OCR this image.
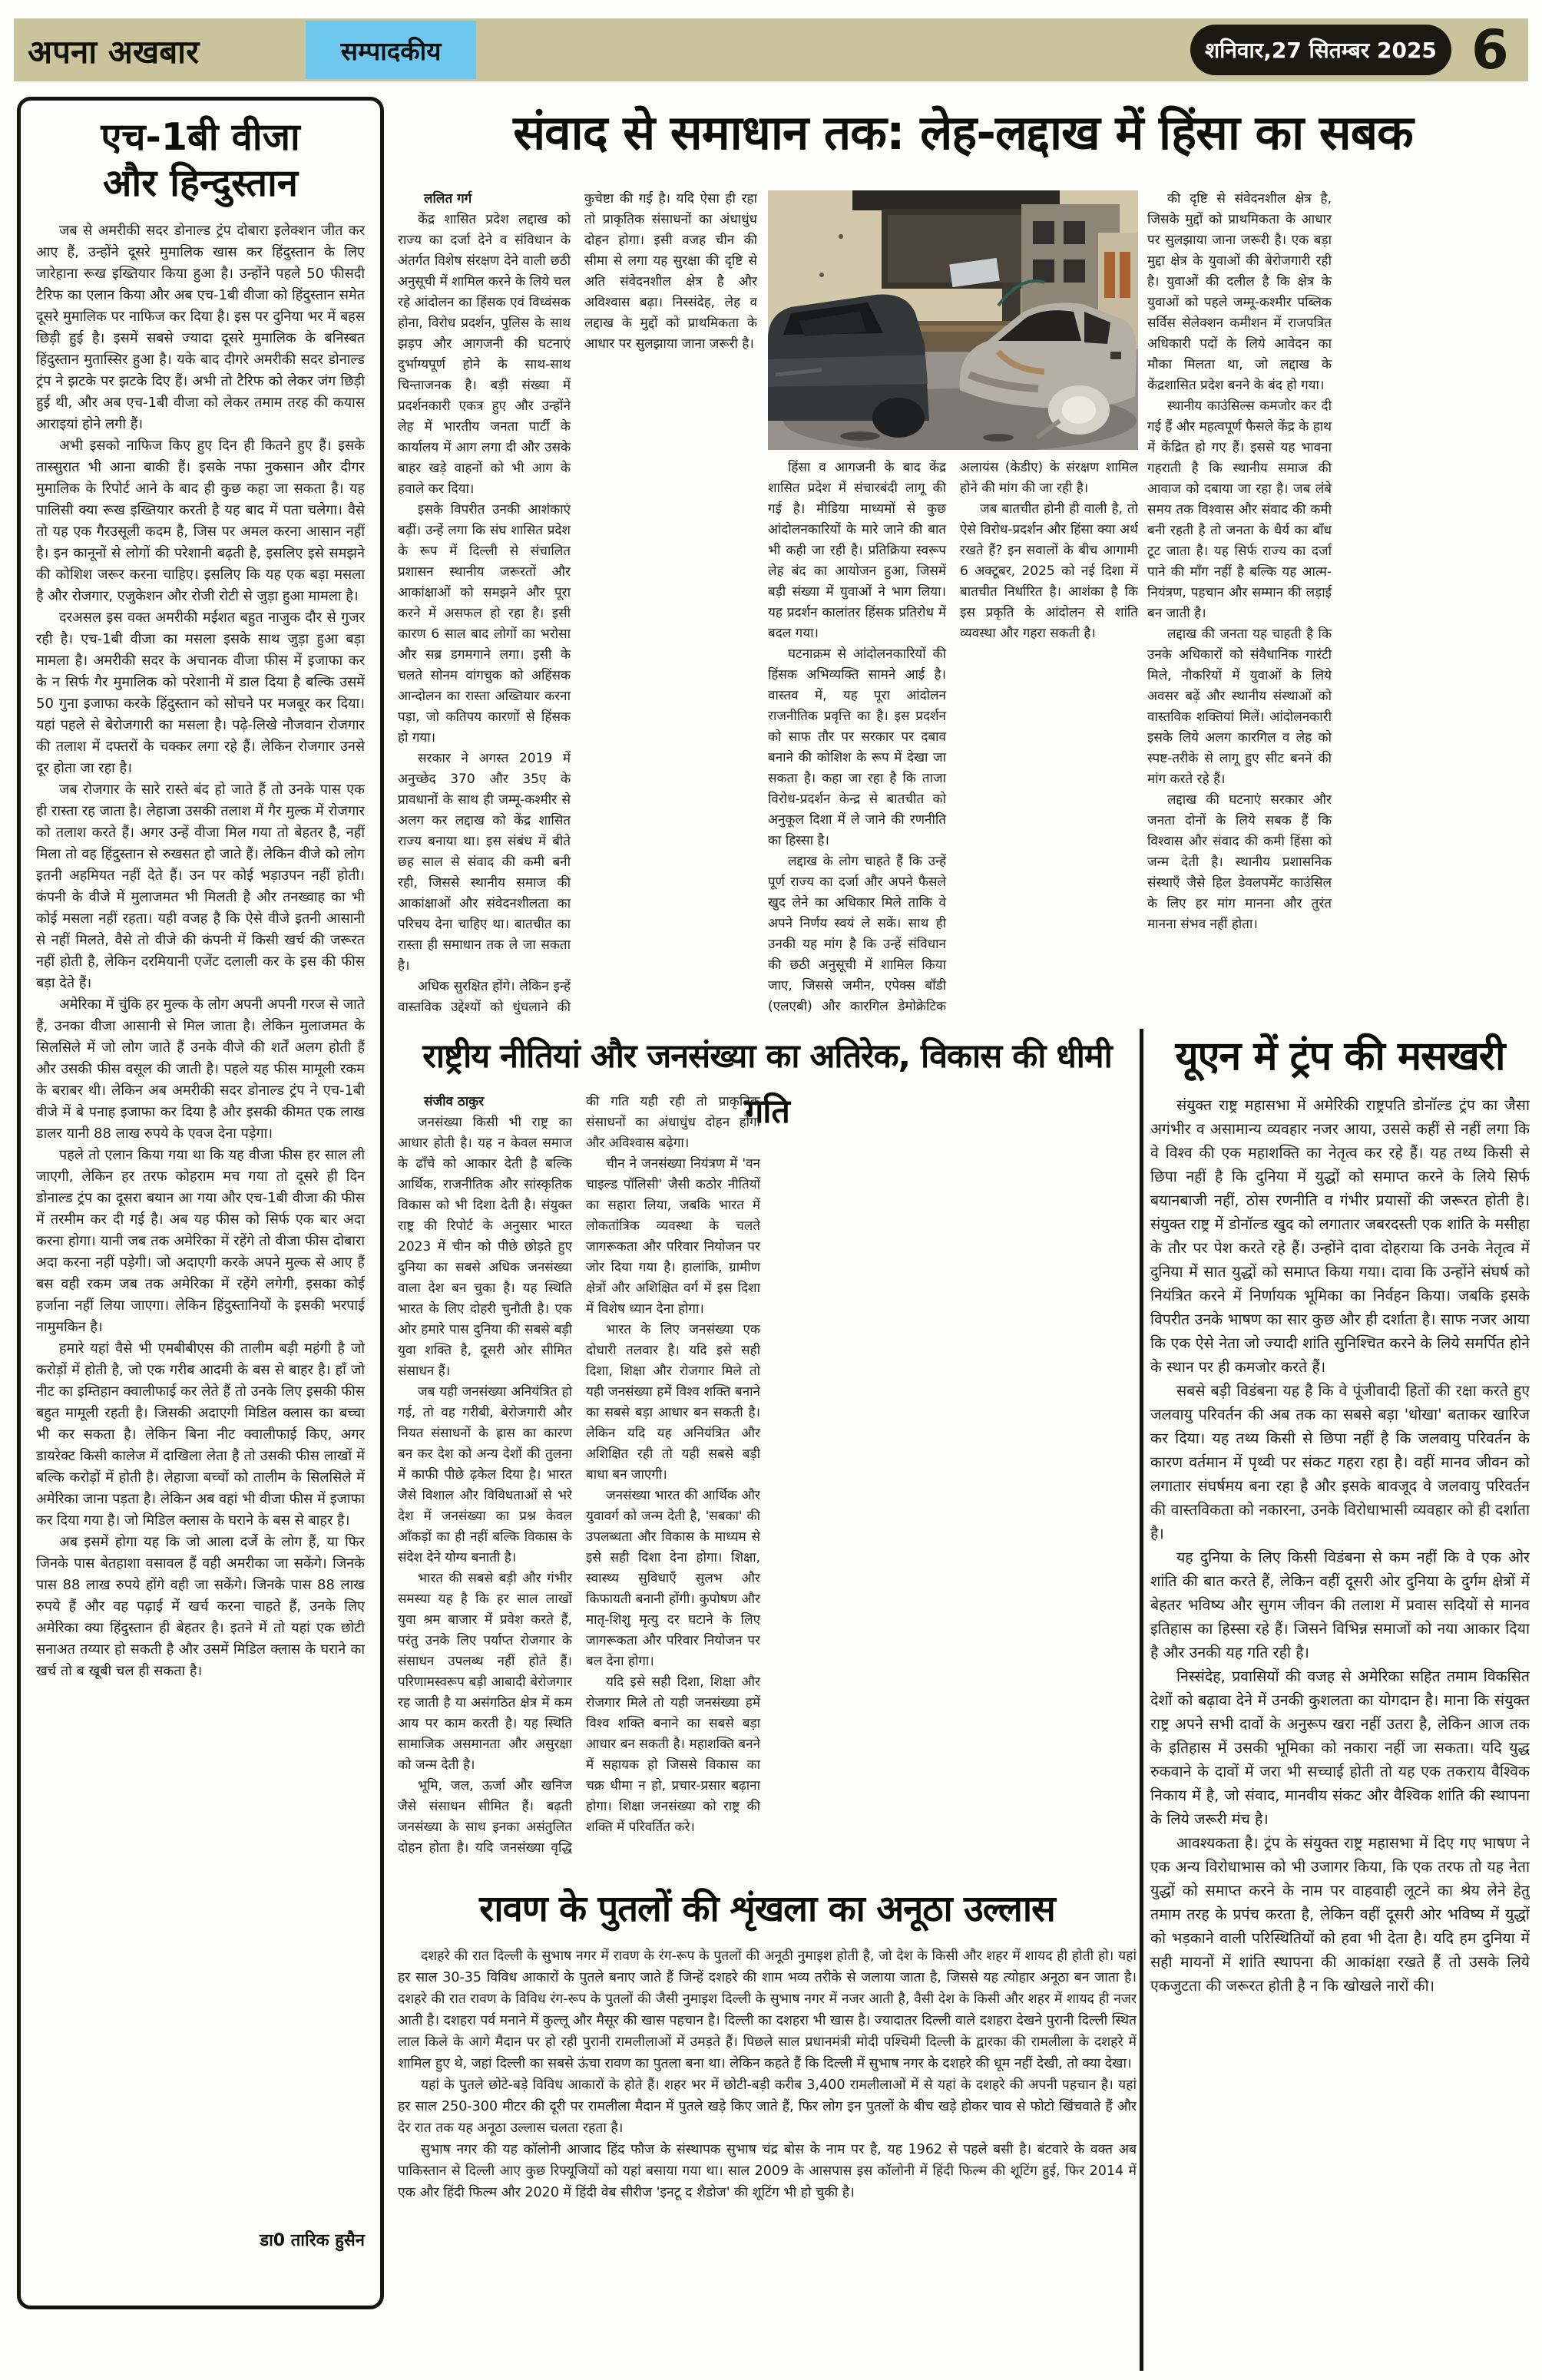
अपना अखबार	सम्पादकीय	शनिवार,27 सितम्बर 2025 6
एच-1बी वीजा
और हिन्दुस्तान

जब से अमरीकी सदर डोनाल्ड ट्रंप दोबारा इलेक्शन जीत कर आए हैं, उन्होंने दूसरे मुमालिक खास कर हिंदुस्तान के लिए जारेहाना रूख इख्तियार किया हुआ है। उन्होंने पहले 50 फीसदी टैरिफ का एलान किया और अब एच-1बी वीजा को हिंदुस्तान समेत दूसरे मुमालिक पर नाफिज कर दिया है। इस पर दुनिया भर में बहस छिड़ी हुई है। इसमें सबसे ज्यादा दूसरे मुमालिक के बनिस्बत हिंदुस्तान मुतास्सिर हुआ है। यके बाद दीगरे अमरीकी सदर डोनाल्ड ट्रंप ने झटके पर झटके दिए हैं। अभी तो टैरिफ को लेकर जंग छिड़ी हुई थी, और अब एच-1बी वीजा को लेकर तमाम तरह की कयास आराइयां होने लगी हैं।

अभी इसको नाफिज किए हुए दिन ही कितने हुए हैं। इसके तास्सुरात भी आना बाकी हैं। इसके नफा नुकसान और दीगर मुमालिक के रिपोर्ट आने के बाद ही कुछ कहा जा सकता है। यह पालिसी क्या रूख इख्तियार करती है यह बाद में पता चलेगा। वैसे तो यह एक गैरउसूली कदम है, जिस पर अमल करना आसान नहीं है। इन कानूनों से लोगों की परेशानी बढ़ती है, इसलिए इसे समझने की कोशिश जरूर करना चाहिए। इसलिए कि यह एक बड़ा मसला है और रोजगार, एजुकेशन और रोजी रोटी से जुड़ा हुआ मामला है।

दरअसल इस वक्त अमरीकी मईशत बहुत नाजुक दौर से गुजर रही है। एच-1बी वीजा का मसला इसके साथ जुड़ा हुआ बड़ा मामला है। अमरीकी सदर के अचानक वीजा फीस में इजाफा कर के न सिर्फ गैर मुमालिक को परेशानी में डाल दिया है बल्कि उसमें 50 गुना इजाफा करके हिंदुस्तान को सोचने पर मजबूर कर दिया। यहां पहले से बेरोजगारी का मसला है। पढ़े-लिखे नौजवान रोजगार की तलाश में दफ्तरों के चक्कर लगा रहे हैं। लेकिन रोजगार उनसे दूर होता जा रहा है।

जब रोजगार के सारे रास्ते बंद हो जाते हैं तो उनके पास एक ही रास्ता रह जाता है। लेहाजा उसकी तलाश में गैर मुल्क में रोजगार को तलाश करते हैं। अगर उन्हें वीजा मिल गया तो बेहतर है, नहीं मिला तो वह हिंदुस्तान से रुखसत हो जाते हैं। लेकिन वीजे को लोग इतनी अहमियत नहीं देते हैं। उन पर कोई भड़ाउपन नहीं होती। कंपनी के वीजे में मुलाजमत भी मिलती है और तनख्वाह का भी कोई मसला नहीं रहता। यही वजह है कि ऐसे वीजे इतनी आसानी से नहीं मिलते, वैसे तो वीजे की कंपनी में किसी खर्च की जरूरत नहीं होती है, लेकिन दरमियानी एजेंट दलाली कर के इस की फीस बड़ा देते हैं।

अमेरिका में चुंकि हर मुल्क के लोग अपनी अपनी गरज से जाते हैं, उनका वीजा आसानी से मिल जाता है। लेकिन मुलाजमत के सिलसिले में जो लोग जाते हैं उनके वीजे की शर्तें अलग होती हैं और उसकी फीस वसूल की जाती है। पहले यह फीस मामूली रकम के बराबर थी। लेकिन अब अमरीकी सदर डोनाल्ड ट्रंप ने एच-1बी वीजे में बे पनाह इजाफा कर दिया है और इसकी कीमत एक लाख डालर यानी 88 लाख रुपये के एवज देना पड़ेगा।

पहले तो एलान किया गया था कि यह वीजा फीस हर साल ली जाएगी, लेकिन हर तरफ कोहराम मच गया तो दूसरे ही दिन डोनाल्ड ट्रंप का दूसरा बयान आ गया और एच-1बी वीजा की फीस में तरमीम कर दी गई है। अब यह फीस को सिर्फ एक बार अदा करना होगा। यानी जब तक अमेरिका में रहेंगे तो वीजा फीस दोबारा अदा करना नहीं पड़ेगी। जो अदाएगी करके अपने मुल्क से आए हैं बस वही रकम जब तक अमेरिका में रहेंगे लगेगी, इसका कोई हर्जाना नहीं लिया जाएगा। लेकिन हिंदुस्तानियों के इसकी भरपाई नामुमकिन है।

हमारे यहां वैसे भी एमबीबीएस की तालीम बड़ी महंगी है जो करोड़ों में होती है, जो एक गरीब आदमी के बस से बाहर है। हाँ जो नीट का इम्तिहान क्वालीफाई कर लेते हैं तो उनके लिए इसकी फीस बहुत मामूली रहती है। जिसकी अदाएगी मिडिल क्लास का बच्चा भी कर सकता है। लेकिन बिना नीट क्वालीफाई किए, अगर डायरेक्ट किसी कालेज में दाखिला लेता है तो उसकी फीस लाखों में बल्कि करोड़ों में होती है। लेहाजा बच्चों को तालीम के सिलसिले में अमेरिका जाना पड़ता है। लेकिन अब वहां भी वीजा फीस में इजाफा कर दिया गया है। जो मिडिल क्लास के घराने के बस से बाहर है।

अब इसमें होगा यह कि जो आला दर्जे के लोग हैं, या फिर जिनके पास बेतहाशा वसावल हैं वही अमरीका जा सकेंगे। जिनके पास 88 लाख रुपये होंगे वही जा सकेंगे। जिनके पास 88 लाख रुपये हैं और वह पढ़ाई में खर्च करना चाहते हैं, उनके लिए अमेरिका क्या हिंदुस्तान ही बेहतर है। इतने में तो यहां एक छोटी सनाअत तय्यार हो सकती है और उसमें मिडिल क्लास के घराने का खर्च तो ब खूबी चल ही सकता है।

डा0 तारिक हुसैन
संवाद से समाधान तक: लेह-लद्दाख में हिंसा का सबक

ललित गर्ग

केंद्र शासित प्रदेश लद्दाख को राज्य का दर्जा देने व संविधान के अंतर्गत विशेष संरक्षण देने वाली छठी अनुसूची में शामिल करने के लिये चल रहे आंदोलन का हिंसक एवं विध्वंसक होना, विरोध प्रदर्शन, पुलिस के साथ झड़प और आगजनी की घटनाएं दुर्भाग्यपूर्ण होने के साथ-साथ चिन्ताजनक है। बड़ी संख्या में प्रदर्शनकारी एकत्र हुए और उन्होंने लेह में भारतीय जनता पार्टी के कार्यालय में आग लगा दी और उसके बाहर खड़े वाहनों को भी आग के हवाले कर दिया।

इसके विपरीत उनकी आशंकाएं बढ़ीं। उन्हें लगा कि संघ शासित प्रदेश के रूप में दिल्ली से संचालित प्रशासन स्थानीय जरूरतों और आकांक्षाओं को समझने और पूरा करने में असफल हो रहा है। इसी कारण 6 साल बाद लोगों का भरोसा और सब्र डगमगाने लगा। इसी के चलते सोनम वांगचुक को अहिंसक आन्दोलन का रास्ता अख्तियार करना पड़ा, जो कतिपय कारणों से हिंसक हो गया।

सरकार ने अगस्त 2019 में अनुच्छेद 370 और 35ए के प्रावधानों के साथ ही जम्मू-कश्मीर से अलग कर लद्दाख को केंद्र शासित राज्य बनाया था। इस संबंध में बीते छह साल से संवाद की कमी बनी रही, जिससे स्थानीय समाज की आकांक्षाओं और संवेदनशीलता का परिचय देना चाहिए था। बातचीत का रास्ता ही समाधान तक ले जा सकता है।

अधिक सुरक्षित होंगे। लेकिन इन्हें वास्तविक उद्देश्यों को धुंधलाने की कुचेष्टा की गई है। यदि ऐसा ही रहा तो प्राकृतिक संसाधनों का अंधाधुंध दोहन होगा। इसी वजह चीन की सीमा से लगा यह सुरक्षा की दृष्टि से अति संवेदनशील क्षेत्र है और अविश्वास बढ़ा। निस्संदेह, लेह व लद्दाख के मुद्दों को प्राथमिकता के आधार पर सुलझाया जाना जरूरी है।

हिंसा व आगजनी के बाद केंद्र शासित प्रदेश में संचारबंदी लागू की गई है। मीडिया माध्यमों से कुछ आंदोलनकारियों के मारे जाने की बात भी कही जा रही है। प्रतिक्रिया स्वरूप लेह बंद का आयोजन हुआ, जिसमें बड़ी संख्या में युवाओं ने भाग लिया। यह प्रदर्शन कालांतर हिंसक प्रतिरोध में बदल गया।

घटनाक्रम से आंदोलनकारियों की हिंसक अभिव्यक्ति सामने आई है। वास्तव में, यह पूरा आंदोलन राजनीतिक प्रवृत्ति का है। इस प्रदर्शन को साफ तौर पर सरकार पर दबाव बनाने की कोशिश के रूप में देखा जा सकता है। कहा जा रहा है कि ताजा विरोध-प्रदर्शन केन्द्र से बातचीत को अनुकूल दिशा में ले जाने की रणनीति का हिस्सा है।

लद्दाख के लोग चाहते हैं कि उन्हें पूर्ण राज्य का दर्जा और अपने फैसले खुद लेने का अधिकार मिले ताकि वे अपने निर्णय स्वयं ले सकें। साथ ही उनकी यह मांग है कि उन्हें संविधान की छठी अनुसूची में शामिल किया जाए, जिससे जमीन, एपेक्स बॉडी (एलएबी) और कारगिल डेमोक्रेटिक अलायंस (केडीए) के संरक्षण शामिल होने की मांग की जा रही है।

जब बातचीत होनी ही वाली है, तो ऐसे विरोध-प्रदर्शन और हिंसा क्या अर्थ रखते हैं? इन सवालों के बीच आगामी 6 अक्टूबर, 2025 को नई दिशा में बातचीत निर्धारित है। आशंका है कि इस प्रकृति के आंदोलन से शांति व्यवस्था और गहरा सकती है।

की दृष्टि से संवेदनशील क्षेत्र है, जिसके मुद्दों को प्राथमिकता के आधार पर सुलझाया जाना जरूरी है। एक बड़ा मुद्दा क्षेत्र के युवाओं की बेरोजगारी रही है। युवाओं की दलील है कि क्षेत्र के युवाओं को पहले जम्मू-कश्मीर पब्लिक सर्विस सेलेक्शन कमीशन में राजपत्रित अधिकारी पदों के लिये आवेदन का मौका मिलता था, जो लद्दाख के केंद्रशासित प्रदेश बनने के बंद हो गया।

स्थानीय काउंसिल्स कमजोर कर दी गई हैं और महत्वपूर्ण फैसले केंद्र के हाथ में केंद्रित हो गए हैं। इससे यह भावना गहराती है कि स्थानीय समाज की आवाज को दबाया जा रहा है। जब लंबे समय तक विश्वास और संवाद की कमी बनी रहती है तो जनता के धैर्य का बाँध टूट जाता है। यह सिर्फ राज्य का दर्जा पाने की माँग नहीं है बल्कि यह आत्म-नियंत्रण, पहचान और सम्मान की लड़ाई बन जाती है।

लद्दाख की जनता यह चाहती है कि उनके अधिकारों को संवैधानिक गारंटी मिले, नौकरियों में युवाओं के लिये अवसर बढ़ें और स्थानीय संस्थाओं को वास्तविक शक्तियां मिलें। आंदोलनकारी इसके लिये अलग कारगिल व लेह को स्पष्ट-तरीके से लागू हुए सीट बनने की मांग करते रहे हैं।

लद्दाख की घटनाएं सरकार और जनता दोनों के लिये सबक हैं कि विश्वास और संवाद की कमी हिंसा को जन्म देती है। स्थानीय प्रशासनिक संस्थाएँ जैसे हिल डेवलपमेंट काउंसिल के लिए हर मांग मानना और तुरंत मानना संभव नहीं होता।

राष्ट्रीय नीतियां और जनसंख्या का अतिरेक, विकास की धीमी गति

संजीव ठाकुर

जनसंख्या किसी भी राष्ट्र का आधार होती है। यह न केवल समाज के ढाँचे को आकार देती है बल्कि आर्थिक, राजनीतिक और सांस्कृतिक विकास को भी दिशा देती है। संयुक्त राष्ट्र की रिपोर्ट के अनुसार भारत 2023 में चीन को पीछे छोड़ते हुए दुनिया का सबसे अधिक जनसंख्या वाला देश बन चुका है। यह स्थिति भारत के लिए दोहरी चुनौती है। एक ओर हमारे पास दुनिया की सबसे बड़ी युवा शक्ति है, दूसरी ओर सीमित संसाधन हैं।

जब यही जनसंख्या अनियंत्रित हो गई, तो वह गरीबी, बेरोजगारी और नियत संसाधनों के ह्रास का कारण बन कर देश को अन्य देशों की तुलना में काफी पीछे ढ़केल दिया है। भारत जैसे विशाल और विविधताओं से भरे देश में जनसंख्या का प्रश्न केवल आँकड़ों का ही नहीं बल्कि विकास के संदेश देने योग्य बनाती है।

भारत की सबसे बड़ी और गंभीर समस्या यह है कि हर साल लाखों युवा श्रम बाजार में प्रवेश करते हैं, परंतु उनके लिए पर्याप्त रोजगार के संसाधन उपलब्ध नहीं होते हैं। परिणामस्वरूप बड़ी आबादी बेरोजगार रह जाती है या असंगठित क्षेत्र में कम आय पर काम करती है। यह स्थिति सामाजिक असमानता और असुरक्षा को जन्म देती है।

भूमि, जल, ऊर्जा और खनिज जैसे संसाधन सीमित हैं। बढ़ती जनसंख्या के साथ इनका असंतुलित दोहन होता है। यदि जनसंख्या वृद्धि की गति यही रही तो प्राकृतिक संसाधनों का अंधाधुंध दोहन होगा और अविश्वास बढ़ेगा।

चीन ने जनसंख्या नियंत्रण में 'वन चाइल्ड पॉलिसी' जैसी कठोर नीतियों का सहारा लिया, जबकि भारत में लोकतांत्रिक व्यवस्था के चलते जागरूकता और परिवार नियोजन पर जोर दिया गया है। हालांकि, ग्रामीण क्षेत्रों और अशिक्षित वर्ग में इस दिशा में विशेष ध्यान देना होगा।

भारत के लिए जनसंख्या एक दोधारी तलवार है। यदि इसे सही दिशा, शिक्षा और रोजगार मिले तो यही जनसंख्या हमें विश्व शक्ति बनाने का सबसे बड़ा आधार बन सकती है। लेकिन यदि यह अनियंत्रित और अशिक्षित रही तो यही सबसे बड़ी बाधा बन जाएगी।

जनसंख्या भारत की आर्थिक और युवावर्ग को जन्म देती है, 'सबका' की उपलब्धता और विकास के माध्यम से इसे सही दिशा देना होगा। शिक्षा, स्वास्थ्य सुविधाएँ सुलभ और किफायती बनानी होंगी। कुपोषण और मातृ-शिशु मृत्यु दर घटाने के लिए जागरूकता और परिवार नियोजन पर बल देना होगा।

यदि इसे सही दिशा, शिक्षा और रोजगार मिले तो यही जनसंख्या हमें विश्व शक्ति बनाने का सबसे बड़ा आधार बन सकती है। महाशक्ति बनने में सहायक हो जिससे विकास का चक्र धीमा न हो, प्रचार-प्रसार बढ़ाना होगा। शिक्षा जनसंख्या को राष्ट्र की शक्ति में परिवर्तित करे।

यूएन में ट्रंप की मसखरी

संयुक्त राष्ट्र महासभा में अमेरिकी राष्ट्रपति डोनॉल्ड ट्रंप का जैसा अगंभीर व असामान्य व्यवहार नजर आया, उससे कहीं से नहीं लगा कि वे विश्व की एक महाशक्ति का नेतृत्व कर रहे हैं। यह तथ्य किसी से छिपा नहीं है कि दुनिया में युद्धों को समाप्त करने के लिये सिर्फ बयानबाजी नहीं, ठोस रणनीति व गंभीर प्रयासों की जरूरत होती है। संयुक्त राष्ट्र में डोनॉल्ड खुद को लगातार जबरदस्ती एक शांति के मसीहा के तौर पर पेश करते रहे हैं। उन्होंने दावा दोहराया कि उनके नेतृत्व में दुनिया में सात युद्धों को समाप्त किया गया। दावा कि उन्होंने संघर्ष को नियंत्रित करने में निर्णायक भूमिका का निर्वहन किया। जबकि इसके विपरीत उनके भाषण का सार कुछ और ही दर्शाता है। साफ नजर आया कि एक ऐसे नेता जो ज्यादी शांति सुनिश्चित करने के लिये समर्पित होने के स्थान पर ही कमजोर करते हैं।

सबसे बड़ी विडंबना यह है कि वे पूंजीवादी हितों की रक्षा करते हुए जलवायु परिवर्तन की अब तक का सबसे बड़ा 'धोखा' बताकर खारिज कर दिया। यह तथ्य किसी से छिपा नहीं है कि जलवायु परिवर्तन के कारण वर्तमान में पृथ्वी पर संकट गहरा रहा है। वहीं मानव जीवन को लगातार संघर्षमय बना रहा है और इसके बावजूद वे जलवायु परिवर्तन की वास्तविकता को नकारना, उनके विरोधाभासी व्यवहार को ही दर्शाता है।

यह दुनिया के लिए किसी विडंबना से कम नहीं कि वे एक ओर शांति की बात करते हैं, लेकिन वहीं दूसरी ओर दुनिया के दुर्गम क्षेत्रों में बेहतर भविष्य और सुगम जीवन की तलाश में प्रवास सदियों से मानव इतिहास का हिस्सा रहे हैं। जिसने विभिन्न समाजों को नया आकार दिया है और उनकी यह गति रही है।

निस्संदेह, प्रवासियों की वजह से अमेरिका सहित तमाम विकसित देशों को बढ़ावा देने में उनकी कुशलता का योगदान है। माना कि संयुक्त राष्ट्र अपने सभी दावों के अनुरूप खरा नहीं उतरा है, लेकिन आज तक के इतिहास में उसकी भूमिका को नकारा नहीं जा सकता। यदि युद्ध रुकवाने के दावों में जरा भी सच्चाई होती तो यह एक तकराय वैश्विक निकाय में है, जो संवाद, मानवीय संकट और वैश्विक शांति की स्थापना के लिये जरूरी मंच है।

आवश्यकता है। ट्रंप के संयुक्त राष्ट्र महासभा में दिए गए भाषण ने एक अन्य विरोधाभास को भी उजागर किया, कि एक तरफ तो यह नेता युद्धों को समाप्त करने के नाम पर वाहवाही लूटने का श्रेय लेने हेतु तमाम तरह के प्रपंच करता है, लेकिन वहीं दूसरी ओर भविष्य में युद्धों को भड़काने वाली परिस्थितियों को हवा भी देता है। यदि हम दुनिया में सही मायनों में शांति स्थापना की आकांक्षा रखते हैं तो उसके लिये एकजुटता की जरूरत होती है न कि खोखले नारों की।

रावण के पुतलों की शृंखला का अनूठा उल्लास

दशहरे की रात दिल्ली के सुभाष नगर में रावण के रंग-रूप के पुतलों की अनूठी नुमाइश होती है, जो देश के किसी और शहर में शायद ही होती हो। यहां हर साल 30-35 विविध आकारों के पुतले बनाए जाते हैं जिन्हें दशहरे की शाम भव्य तरीके से जलाया जाता है, जिससे यह त्योहार अनूठा बन जाता है। दशहरे की रात रावण के विविध रंग-रूप के पुतलों की जैसी नुमाइश दिल्ली के सुभाष नगर में नजर आती है, वैसी देश के किसी और शहर में शायद ही नजर आती है। दशहरा पर्व मनाने में कुल्लू और मैसूर की खास पहचान है। दिल्ली का दशहरा भी खास है। ज्यादातर दिल्ली वाले दशहरा देखने पुरानी दिल्ली स्थित लाल किले के आगे मैदान पर हो रही पुरानी रामलीलाओं में उमड़ते हैं। पिछले साल प्रधानमंत्री मोदी पश्चिमी दिल्ली के द्वारका की रामलीला के दशहरे में शामिल हुए थे, जहां दिल्ली का सबसे ऊंचा रावण का पुतला बना था। लेकिन कहते हैं कि दिल्ली में सुभाष नगर के दशहरे की धूम नहीं देखी, तो क्या देखा।

यहां के पुतले छोटे-बड़े विविध आकारों के होते हैं। शहर भर में छोटी-बड़ी करीब 3,400 रामलीलाओं में से यहां के दशहरे की अपनी पहचान है। यहां हर साल 250-300 मीटर की दूरी पर रामलीला मैदान में पुतले खड़े किए जाते हैं, फिर लोग इन पुतलों के बीच खड़े होकर चाव से फोटो खिंचवाते हैं और देर रात तक यह अनूठा उल्लास चलता रहता है।

सुभाष नगर की यह कॉलोनी आजाद हिंद फौज के संस्थापक सुभाष चंद्र बोस के नाम पर है, यह 1962 से पहले बसी है। बंटवारे के वक्त अब पाकिस्तान से दिल्ली आए कुछ रिफ्यूजियों को यहां बसाया गया था। साल 2009 के आसपास इस कॉलोनी में हिंदी फिल्म की शूटिंग हुई, फिर 2014 में एक और हिंदी फिल्म और 2020 में हिंदी वेब सीरीज 'इनटू द शैडोज' की शूटिंग भी हो चुकी है।
